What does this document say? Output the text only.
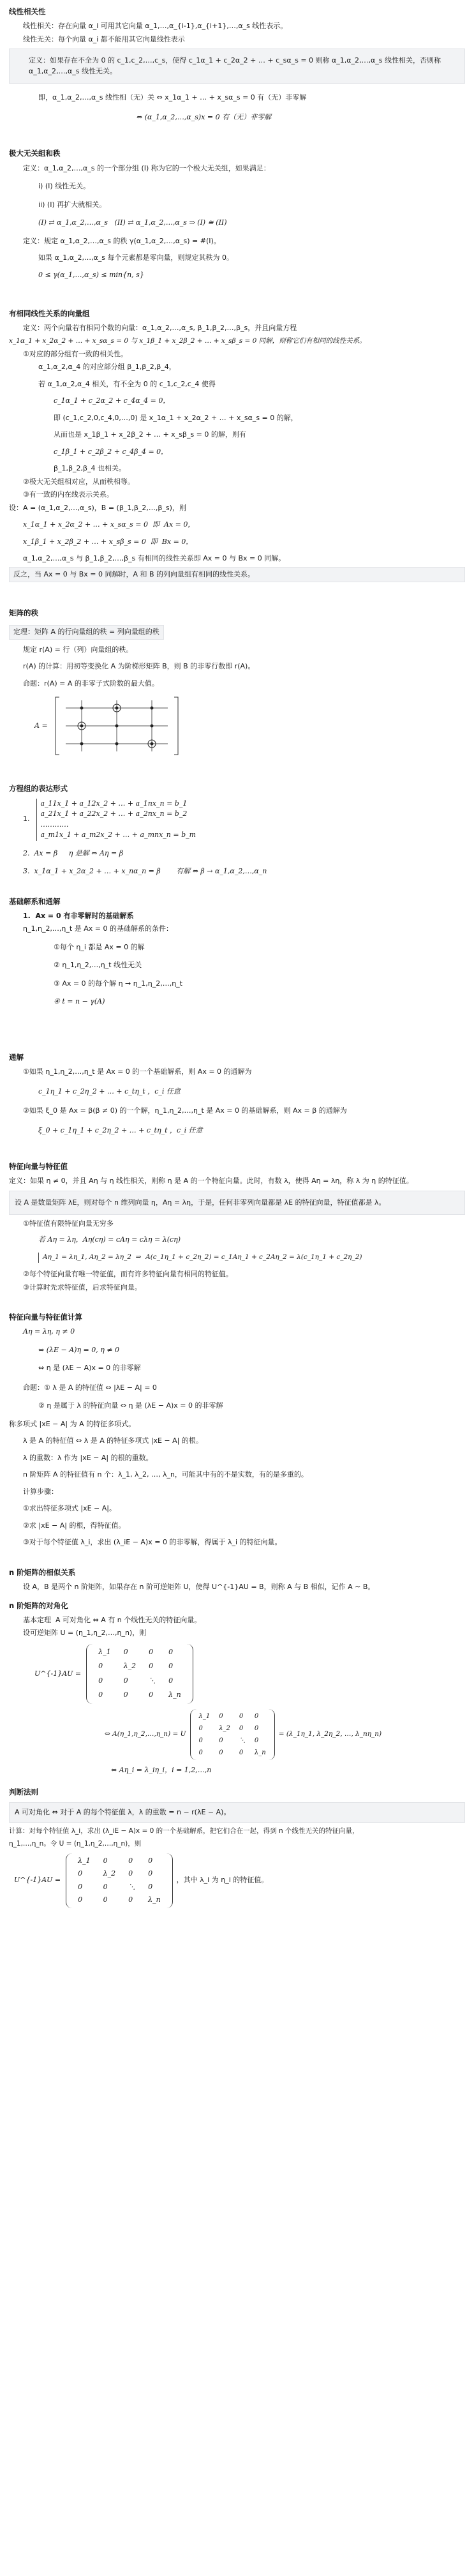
线性相关性
线性相关：存在向量 α_i 可用其它向量 α_1,…,α_{i-1},α_{i+1},…,α_s 线性表示。
线性无关：每个向量 α_i 都不能用其它向量线性表示
定义：如果存在不全为 0 的 c_1,c_2,…,c_s，使得 c_1α_1 + c_2α_2 + … + c_sα_s = 0 则称 α_1,α_2,…,α_s 线性相关，否则称 α_1,α_2,…,α_s 线性无关。
即，α_1,α_2,…,α_s 线性相（无）关 ⇔ x_1α_1 + … + x_sα_s = 0 有（无）非零解
⇔ (α_1,α_2,…,α_s)x = 0 有（无）非零解
极大无关组和秩
定义：α_1,α_2,…,α_s 的一个部分组 (I) 称为它的一个极大无关组，如果满足：
i) (I) 线性无关。
ii) (I) 再扩大就相关。
(I) ⇄ α_1,α_2,…,α_s   (II) ⇄ α_1,α_2,…,α_s ⇒ (I) ≅ (II)
定义：规定 α_1,α_2,…,α_s 的秩 γ(α_1,α_2,…,α_s) = #(I)。
如果 α_1,α_2,…,α_s 每个元素都是零向量，则规定其秩为 0。
0 ≤ γ(α_1,…,α_s) ≤ min{n, s}
有相同线性关系的向量组
定义：两个向量若有相同个数的向量：α_1,α_2,…,α_s, β_1,β_2,…,β_s，并且向量方程
x_1α_1 + x_2α_2 + … + x_sα_s = 0 与 x_1β_1 + x_2β_2 + … + x_sβ_s = 0 同解，则称它们有相同的线性关系。
①对应的部分组有一致的相关性。
α_1,α_2,α_4 的对应部分组 β_1,β_2,β_4，
若 α_1,α_2,α_4 相关，有不全为 0 的 c_1,c_2,c_4 使得
c_1α_1 + c_2α_2 + c_4α_4 = 0，
即 (c_1,c_2,0,c_4,0,…,0) 是 x_1α_1 + x_2α_2 + … + x_sα_s = 0 的解，
从而也是 x_1β_1 + x_2β_2 + … + x_sβ_s = 0 的解，则有
c_1β_1 + c_2β_2 + c_4β_4 = 0，
β_1,β_2,β_4 也相关。
②极大无关组相对应，从而秩相等。
③有一致的内在线表示关系。
设：A = (α_1,α_2,…,α_s)，B = (β_1,β_2,…,β_s)，则
x_1α_1 + x_2α_2 + … + x_sα_s = 0  即  Ax = 0，
x_1β_1 + x_2β_2 + … + x_sβ_s = 0  即  Bx = 0，
α_1,α_2,…,α_s 与 β_1,β_2,…,β_s 有相同的线性关系即 Ax = 0 与 Bx = 0 同解。
反之，当 Ax = 0 与 Bx = 0 同解时，A 和 B 的列向量组有相同的线性关系。
矩阵的秩
定理：矩阵 A 的行向量组的秩 = 列向量组的秩
规定 r(A) = 行（列）向量组的秩。
r(A) 的计算：用初等变换化 A 为阶梯形矩阵 B，则 B 的非零行数即 r(A)。
命题：r(A) = A 的非零子式阶数的最大值。
A =
方程组的表达形式
1.
a_11x_1 + a_12x_2 + … + a_1nx_n = b_1
a_21x_1 + a_22x_2 + … + a_2nx_n = b_2
…………
a_m1x_1 + a_m2x_2 + … + a_mnx_n = b_m
2.  Ax = β     η 是解 ⇔ Aη = β
3.  x_1α_1 + x_2α_2 + … + x_nα_n = β       有解 ⇔ β → α_1,α_2,…,α_n
基础解系和通解
1.  Ax = 0 有非零解时的基础解系
η_1,η_2,…,η_t 是 Ax = 0 的基础解系的条件：
①每个 η_i 都是 Ax = 0 的解
② η_1,η_2,…,η_t 线性无关
③ Ax = 0 的每个解 η → η_1,η_2,…,η_t
④ t = n − γ(A)
通解
①如果 η_1,η_2,…,η_t 是 Ax = 0 的一个基础解系，则 Ax = 0 的通解为
c_1η_1 + c_2η_2 + … + c_tη_t ，c_i 任意
②如果 ξ_0 是 Ax = β(β ≠ 0) 的一个解，η_1,η_2,…,η_t 是 Ax = 0 的基础解系，则 Ax = β 的通解为
ξ_0 + c_1η_1 + c_2η_2 + … + c_tη_t ，c_i 任意
特征向量与特征值
定义：如果 η ≠ 0，并且 Aη 与 η 线性相关，则称 η 是 A 的一个特征向量。此时，有数 λ，使得 Aη = λη，称 λ 为 η 的特征值。
设 A 是数量矩阵 λE，则对每个 n 维列向量 η，Aη = λη，于是，任何非零列向量都是 λE 的特征向量，特征值都是 λ。
①特征值有限特征向量无穷多
若 Aη = λη，Aη(cη) = cAη = cλη = λ(cη)
Aη_1 = λη_1, Aη_2 = λη_2  ⇒  A(c_1η_1 + c_2η_2) = c_1Aη_1 + c_2Aη_2 = λ(c_1η_1 + c_2η_2)
②每个特征向量有唯一特征值，而有许多特征向量有相同的特征值。
③计算时先求特征值，后求特征向量。
特征向量与特征值计算
Aη = λη, η ≠ 0
⇔ (λE − A)η = 0, η ≠ 0
⇔ η 是 (λE − A)x = 0 的非零解
命题：① λ 是 A 的特征值 ⇔ |λE − A| = 0
② η 是属于 λ 的特征向量 ⇔ η 是 (λE − A)x = 0 的非零解
称多项式 |xE − A| 为 A 的特征多项式。
λ 是 A 的特征值 ⇔ λ 是 A 的特征多项式 |xE − A| 的根。
λ 的重数：λ 作为 |xE − A| 的根的重数。
n 阶矩阵 A 的特征值有 n 个：λ_1, λ_2, …, λ_n，可能其中有的不是实数，有的是多重的。
计算步骤：
①求出特征多项式 |xE − A|。
②求 |xE − A| 的根，得特征值。
③对于每个特征值 λ_i，求出 (λ_iE − A)x = 0 的非零解，得属于 λ_i 的特征向量。
n 阶矩阵的相似关系
设 A，B 是两个 n 阶矩阵，如果存在 n 阶可逆矩阵 U，使得 U^{-1}AU = B，则称 A 与 B 相似，记作 A ∼ B。
n 阶矩阵的对角化
基本定理  A 可对角化 ⇔ A 有 n 个线性无关的特征向量。
设可逆矩阵 U = (η_1,η_2,…,η_n)，则
U^{-1}AU =
λ_1	0	0	0
0	λ_2	0	0
0	0	⋱	0
0	0	0	λ_n
⇔ A(η_1,η_2,…,η_n) = U
λ_1	0	0	0
0	λ_2	0	0
0	0	⋱	0
0	0	0	λ_n
= (λ_1η_1, λ_2η_2, …, λ_nη_n)
⇔ Aη_i = λ_iη_i，i = 1,2,…,n
判断法则
A 可对角化 ⇔ 对于 A 的每个特征值 λ，λ 的重数 = n − r(λE − A)。
计算：对每个特征值 λ_i，求出 (λ_iE − A)x = 0 的一个基础解系，把它们合在一起，得到 n 个线性无关的特征向量，
η_1,…,η_n。令 U = (η_1,η_2,…,η_n)，则
U^{-1}AU =
λ_1	0	0	0
0	λ_2	0	0
0	0	⋱	0
0	0	0	λ_n
，其中 λ_i 为 η_i 的特征值。
